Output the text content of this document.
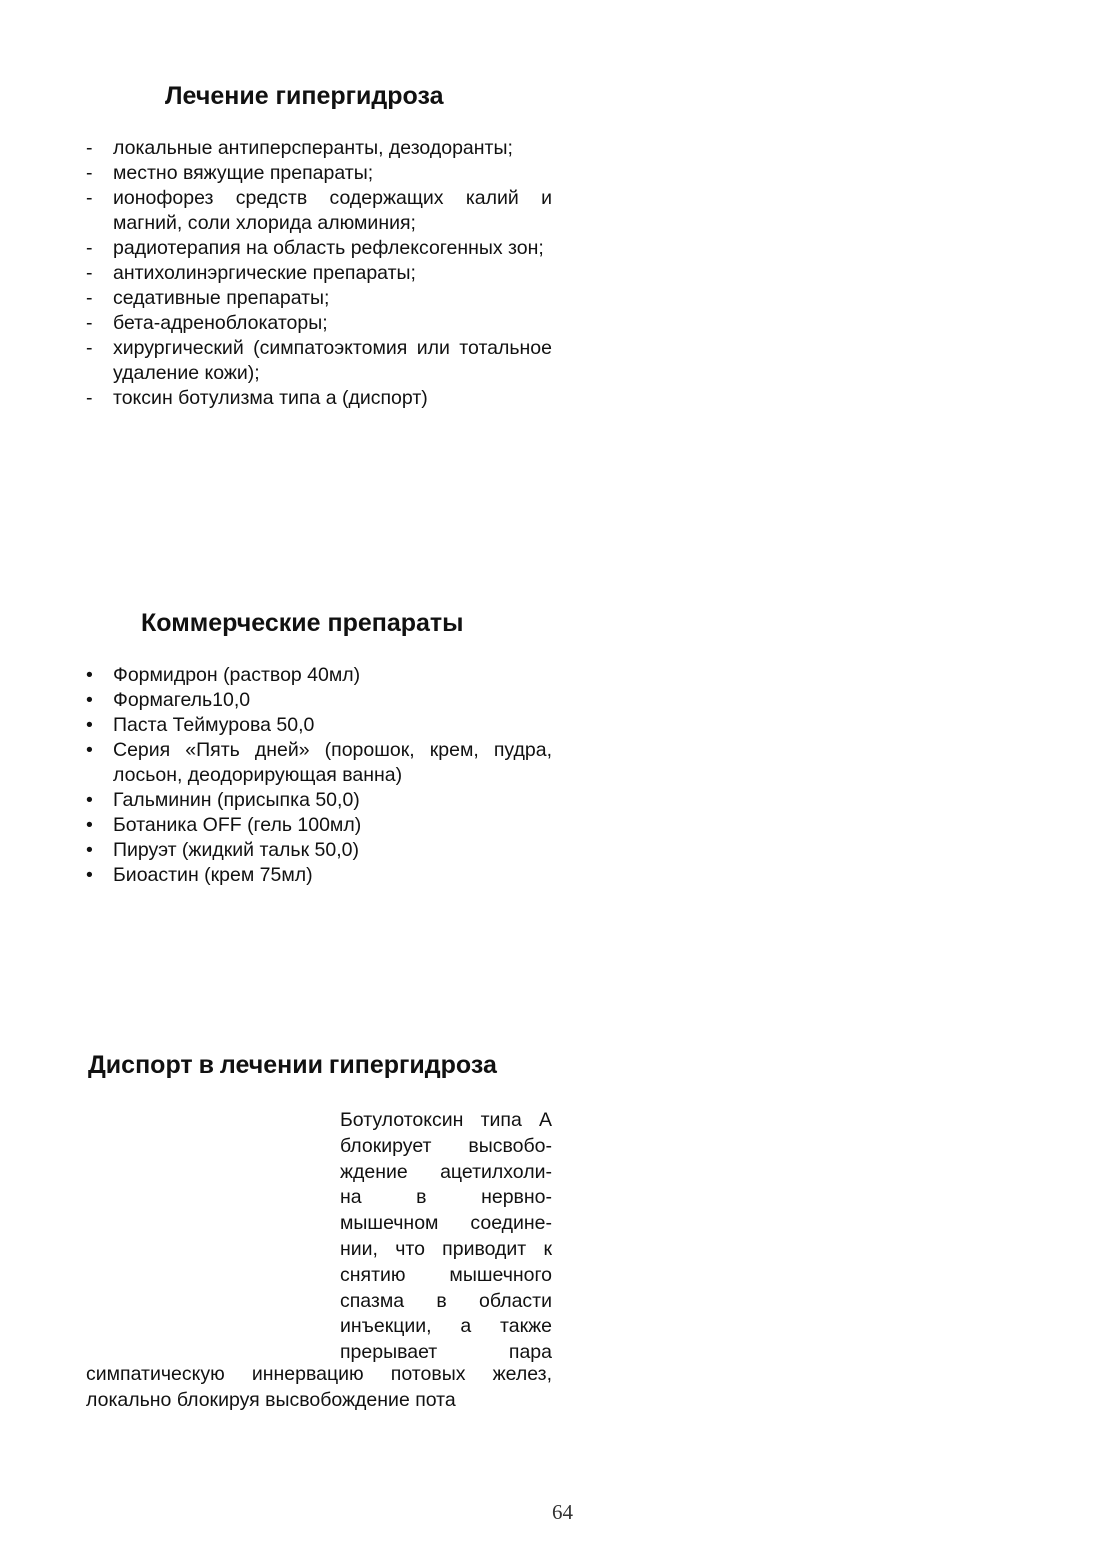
Лечение гипергидроза
- локальные антиперсперанты, дезодоранты;
- местно вяжущие препараты;
- ионофорез средств содержащих калий и магний, соли хлорида алюминия;
- радиотерапия на область рефлексогенных зон;
- антихолинэргические препараты;
- седативные препараты;
- бета-адреноблокаторы;
- хирургический (симпатоэктомия или тотальное удаление кожи);
- токсин ботулизма типа а (диспорт)
Коммерческие препараты
• Формидрон (раствор 40мл)
• Формагель10,0
• Паста Теймурова 50,0
• Серия «Пять дней» (порошок, крем, пудра, лосьон, деодорирующая ванна)
• Гальминин (присыпка 50,0)
• Ботаника OFF (гель 100мл)
• Пируэт (жидкий тальк 50,0)
• Биоастин (крем 75мл)
Диспорт в лечении гипергидроза

Ботулотоксин типа А
блокирует высвобо-
ждение ацетилхоли-
на в нервно-
мышечном соедине-
нии, что приводит к
снятию мышечного
спазма в области
инъекции, а также
прерывает пара

симпатическую иннервацию потовых желез,
локально блокируя высвобождение пота

64
